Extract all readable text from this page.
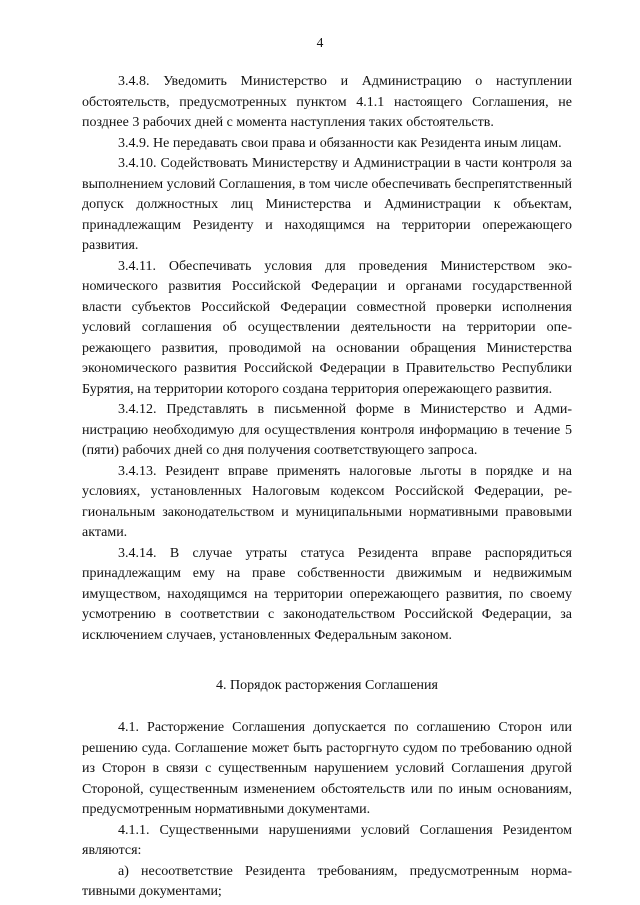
4

3.4.8. Уведомить Министерство и Администрацию о наступлении обстоятельств, предусмотренных пунктом 4.1.1 настоящего Соглашения, не позднее 3 рабочих дней с момента наступления таких обстоятельств.

3.4.9. Не передавать свои права и обязанности как Резидента иным лицам.

3.4.10. Содействовать Министерству и Администрации в части контроля за выполнением условий Соглашения, в том числе обеспечивать беспрепятственный допуск должностных лиц Министерства и Администрации к объектам, принадлежащим Резиденту и находящимся на территории опережающего развития.

3.4.11. Обеспечивать условия для проведения Министерством экономического развития Российской Федерации и органами государственной власти субъектов Российской Федерации совместной проверки исполнения условий соглашения об осуществлении деятельности на территории опережающего развития, проводимой на основании обращения Министерства экономического развития Российской Федерации в Правительство Республики Бурятия, на территории которого создана территория опережающего развития.

3.4.12. Представлять в письменной форме в Министерство и Администрацию необходимую для осуществления контроля информацию в течение 5 (пяти) рабочих дней со дня получения соответствующего запроса.

3.4.13. Резидент вправе применять налоговые льготы в порядке и на условиях, установленных Налоговым кодексом Российской Федерации, региональным законодательством и муниципальными нормативными правовыми актами.

3.4.14. В случае утраты статуса Резидента вправе распорядиться принадлежащим ему на праве собственности движимым и недвижимым имуществом, находящимся на территории опережающего развития, по своему усмотрению в соответствии с законодательством Российской Федерации, за исключением случаев, установленных Федеральным законом.

4. Порядок расторжения Соглашения

4.1. Расторжение Соглашения допускается по соглашению Сторон или решению суда. Соглашение может быть расторгнуто судом по требованию одной из Сторон в связи с существенным нарушением условий Соглашения другой Стороной, существенным изменением обстоятельств или по иным основаниям, предусмотренным нормативными документами.

4.1.1. Существенными нарушениями условий Соглашения Резидентом являются:

а) несоответствие Резидента требованиям, предусмотренным нормативными документами;
